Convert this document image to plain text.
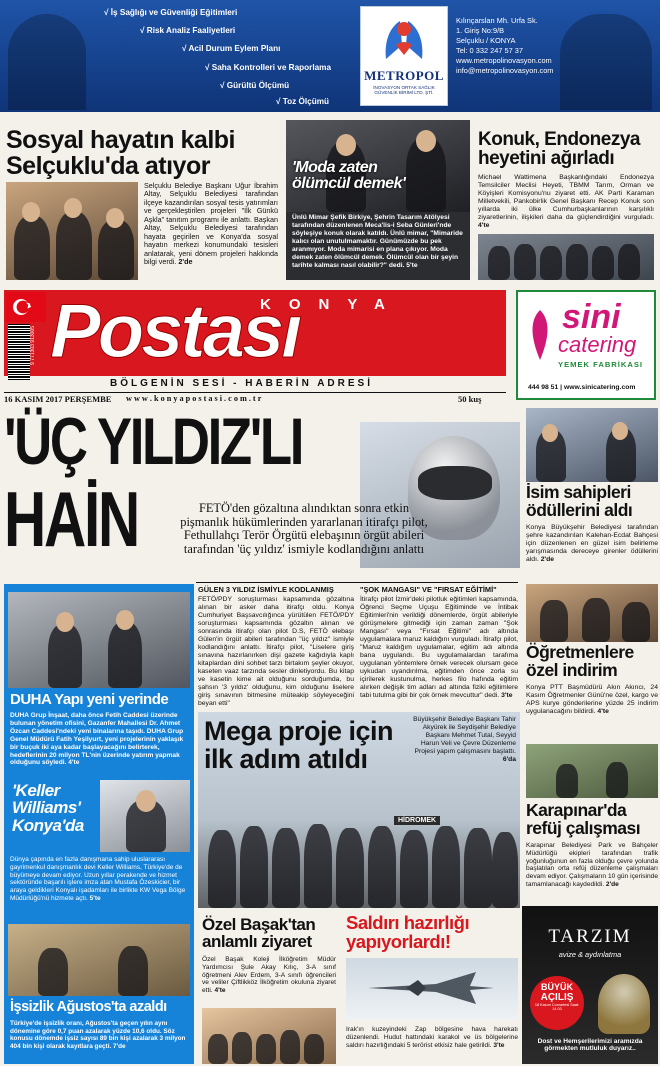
√ İş Sağlığı ve Güvenliği Eğitimleri
√ Risk Analiz Faaliyetleri
√ Acil Durum Eylem Planı
√ Saha Kontrolleri ve Raporlama
√ Gürültü Ölçümü
√ Toz Ölçümü
METROPOL
İNOVASYON ORTAK SAĞLIK GÜVENLİK BİRİMİ LTD. ŞTİ.
Kılınçarslan Mh. Urfa Sk.
1. Giriş No:9/B
Selçuklu / KONYA
Tel: 0 332 247 57 37
www.metropolinovasyon.com
info@metropolinovasyon.com
Sosyal hayatın kalbi
Selçuklu'da atıyor
Selçuklu Belediye Başkanı Uğur İbrahim Altay, Selçuklu Belediyesi tarafından ilçeye kazandırılan sosyal tesis yatırımları ve gerçekleştirilen projeleri "İlk Günkü Aşkla" tanıtım programı ile anlattı. Başkan Altay, Selçuklu Belediyesi tarafından hayata geçirilen ve Konya'da sosyal hayatın merkezi konumundaki tesisleri anlatarak, yeni dönem projeleri hakkında bilgi verdi. 2'de
'Moda zaten
ölümcül demek'
Ünlü Mimar Şefik Birkiye, Şehrin Tasarım Atölyesi tarafından düzenlenen Meca'lis-i Seba Günleri'nde söyleşiye konuk olarak katıldı. Ünlü mimar, "Mimaride kalıcı olan unutulmamaktır. Günümüzde bu pek aranmıyor. Moda mimarisi en plana çıkıyor. Moda demek zaten ölümcül demek. Ölümcül olan bir şeyin tarihte kalması nasıl olabilir?" dedi. 5'te
Konuk, Endonezya
heyetini ağırladı
Michael Wattimena Başkanlığındaki Endonezya Temsilciler Meclisi Heyeti, TBMM Tarım, Orman ve Köyişleri Komisyonu'nu ziyaret etti. AK Parti Karaman Milletvekili, Pankobirlik Genel Başkanı Recep Konuk son yıllarda iki ülke Cumhurbaşkanlarının karşılıklı ziyaretlerinin, ilişkileri daha da güçlendirdiğini vurguladı. 4'te
9 771303 913005
KONYA
Postası
BÖLGENİN SESİ - HABERİN ADRESİ
16 KASIM 2017 PERŞEMBE w w w . k o n y a p o s t a s i . c o m . t r	50 kuş
sini
catering
YEMEK FABRİKASI
444 98 51 | www.sinicatering.com
'ÜÇ YILDIZ'LI
HAİN	FETÖ'den gözaltına alındıktan sonra etkin pişmanlık hükümlerinden yararlanan itirafçı pilot, Fethullahçı Terör Örgütü elebaşının örgüt abileri tarafından 'üç yıldız' ismiyle kodlandığını anlattı
GÜLEN 3 YILDIZ İSMİYLE KODLANMIŞ
FETÖ/PDY soruşturması kapsamında gözaltına alınan bir asker daha itirafçı oldu. Konya Cumhuriyet Başsavcılığınca yürütülen FETÖ/PDY soruşturması kapsamında gözaltın alınan ve sonrasında itirafçı olan pilot D.S, FETÖ elebaşı Gülen'in örgüt abileri tarafından "üç yıldız" ismiyle kodlandığını anlattı. İtirafçı pilot, "Liselere giriş sınavına hazırlanırken dişi gazete kağıdıyla kaplı kitaplardan dini sohbet tarzı birtakım şeyler okuyor, kaseten vaaz tarzında sesler dinletiyordu. Bu kitap ve kasetin kime ait olduğunu sorduğumda, bu şahsın '3 yıldız' olduğunu, kim olduğunu liselere giriş sınavının bitmesine müteakip söyleyeceğini beyan etti"
"ŞOK MANGASI" VE "FIRSAT EĞİTİMİ"
İtirafçı pilot İzmir'deki pilotluk eğitimleri kapsamında, Öğrenci Seçme Uçuşu Eğitiminde ve İntibak Eğitimleri'nin verildiği dönemlerde, örgüt abileriyle görüşmelere gitmediği için zaman zaman "Şok Mangası" veya "Fırsat Eğitimi" adı altında uygulamalara maruz kaldığını vurguladı. İtirafçı pilot, "Maruz kaldığım uygulamalar, eğitim adı altında bana uygulandı. Bu uygulamalardan tarafıma uygulanan yöntemlere örnek verecek olursam gece uykudan uyandırılma, eğitimden önce zorla su içirilerek kustunulma, herkes filo hafında eğitim alırken değişik tim adları ad altında fiziki eğitimlere tabi tutulma gibi bir çok örnek mevcuttur" dedi. 3'te
İsim sahipleri
ödüllerini aldı
Konya Büyükşehir Belediyesi tarafından şehre kazandırılan Kalehan-Ecdat Bahçesi için düzenlenen en güzel isim belirleme yarışmasında dereceye girenler ödüllerini aldı. 2'de
Öğretmenlere
özel indirim
Konya PTT Başmüdürü Akın Akıncı, 24 Kasım Öğretmenler Günü'ne özel, kargo ve APS kurye gönderilerine yüzde 25 indirim uygulanacağını bildirdi. 4'te
Karapınar'da
refüj çalışması
Karapınar Belediyesi Park ve Bahçeler Müdürlüğü ekipleri tarafından trafik yoğunluğunun en fazla olduğu çevre yolunda başlatılan orta refüj düzenleme çalışmaları devam ediyor. Çalışmaların 10 gün içerisinde tamamlanacağı kaydedildi. 2'de
TARZIM
avize & aydınlatma
BÜYÜK
AÇILIŞ
18 Kasım Cumartesi Saat: 14.00
Dost ve Hemşerilerimizi aramızda görmekten mutluluk duyarız..
DUHA Yapı yeni yerinde
DUHA Grup İnşaat, daha önce Fetih Caddesi üzerinde bulunan yönetim ofisini, Gazanfer Mahallesi Dr. Ahmet Özcan Caddesi'ndeki yeni binalarına taşıdı. DUHA Grup Genel Müdürü Fatih Yeşilyurt, yeni projelerinin yaklaşık bir buçuk iki aya kadar başlayacağını belirterek, hedeflerinin 20 milyon TL'nin üzerinde yatırım yapmak olduğunu söyledi. 4'te
'Keller
Williams'
Konya'da
Dünya çapında en fazla danışmana sahip uluslararası gayrimenkul danışmanlık devi Keller Williams, Türkiye'de de büyümeye devam ediyor. Uzun yıllar perakende ve hizmet sektöründe başarılı işlere imza atan Mustafa Özeskicier, bir araya geldikleri Konyalı işadamları ile birlikte KW Vega Bölge Müdürlüğü'nü hizmete açtı. 5'te
İşsizlik Ağustos'ta azaldı
Türkiye'de işsizlik oranı, Ağustos'ta geçen yılın aynı dönemine göre 0,7 puan azalarak yüzde 10,6 oldu. Söz konusu dönemde işsiz sayısı 89 bin kişi azalarak 3 milyon 404 bin kişi olarak kayıtlara geçti. 7'de
HİDROMEK
Mega proje için
ilk adım atıldı
Büyükşehir Belediye Başkanı Tahir Akyürek ile Seydişehir Belediye Başkanı Mehmet Tutal, Seyyid Harun Veli ve Çevre Düzenleme Projesi yapım çalışmasını başlattı. 6'da
Özel Başak'tan
anlamlı ziyaret
Özel Başak Koleji İlköğretim Müdür Yardımcısı Şule Akay Kılıç, 3-A sınıf öğretmeni Alev Erdem, 3-A sınıfı öğrencileri ve veliler Çiftlikköz İlköğretim okuluna ziyaret etti. 4'te
Saldırı hazırlığı
yapıyorlardı!
Irak'ın kuzeyindeki Zap bölgesine hava harekatı düzenlendi. Hudut hattındaki karakol ve üs bölgelerine saldırı hazırlığındaki 5 terörist etkisiz hale getirildi. 3'te
